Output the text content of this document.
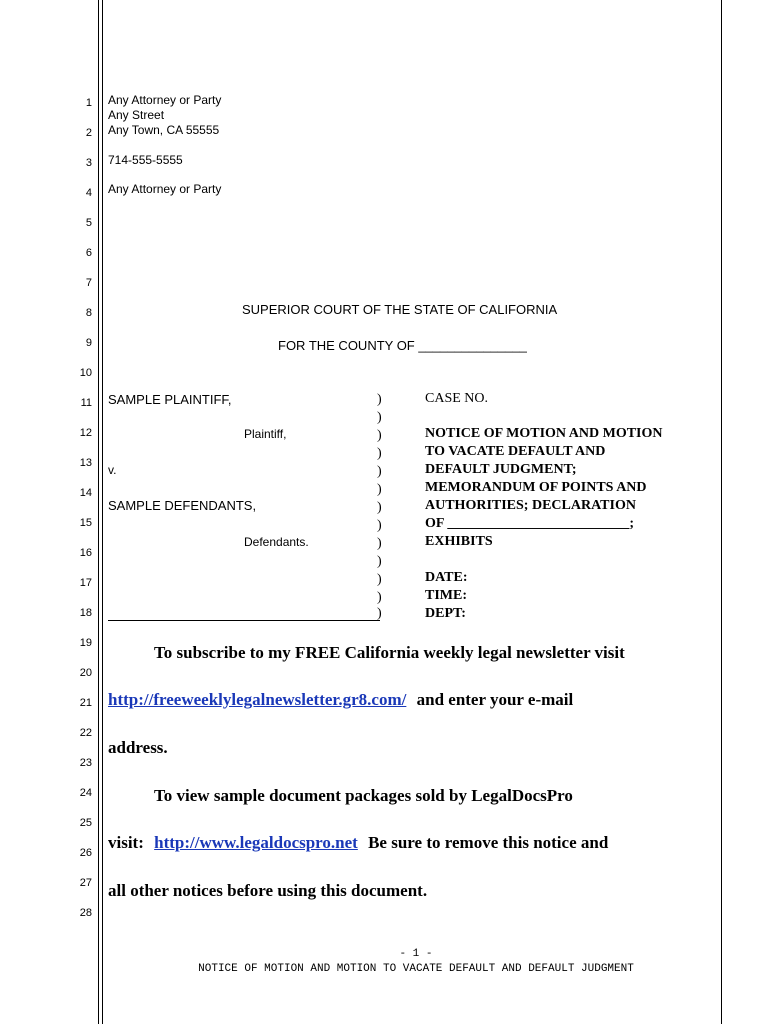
1
2
3
4
5
6
7
8
9
10
11
12
13
14
15
16
17
18
19
20
21
22
23
24
25
26
27
28
Any Attorney or Party
Any Street
Any Town, CA 55555
714-555-5555
Any Attorney or Party
SUPERIOR COURT OF THE STATE OF CALIFORNIA
FOR THE COUNTY OF _______________
SAMPLE PLAINTIFF,
Plaintiff,
v.
SAMPLE DEFENDANTS,
Defendants.
)
)
)
)
)
)
)
)
)
)
)
)
)
CASE NO.
NOTICE OF MOTION AND MOTION
TO VACATE DEFAULT AND
DEFAULT JUDGMENT;
MEMORANDUM OF POINTS AND
AUTHORITIES; DECLARATION
OF __________________________;
EXHIBITS
DATE:
TIME:
DEPT:
To subscribe to my FREE California weekly legal newsletter visit
http://freeweeklylegalnewsletter.gr8.com/ and enter your e-mail
address.
To view sample document packages sold by LegalDocsPro
visit: http://www.legaldocspro.net Be sure to remove this notice and
all other notices before using this document.
- 1 -
NOTICE OF MOTION AND MOTION TO VACATE DEFAULT AND DEFAULT JUDGMENT
